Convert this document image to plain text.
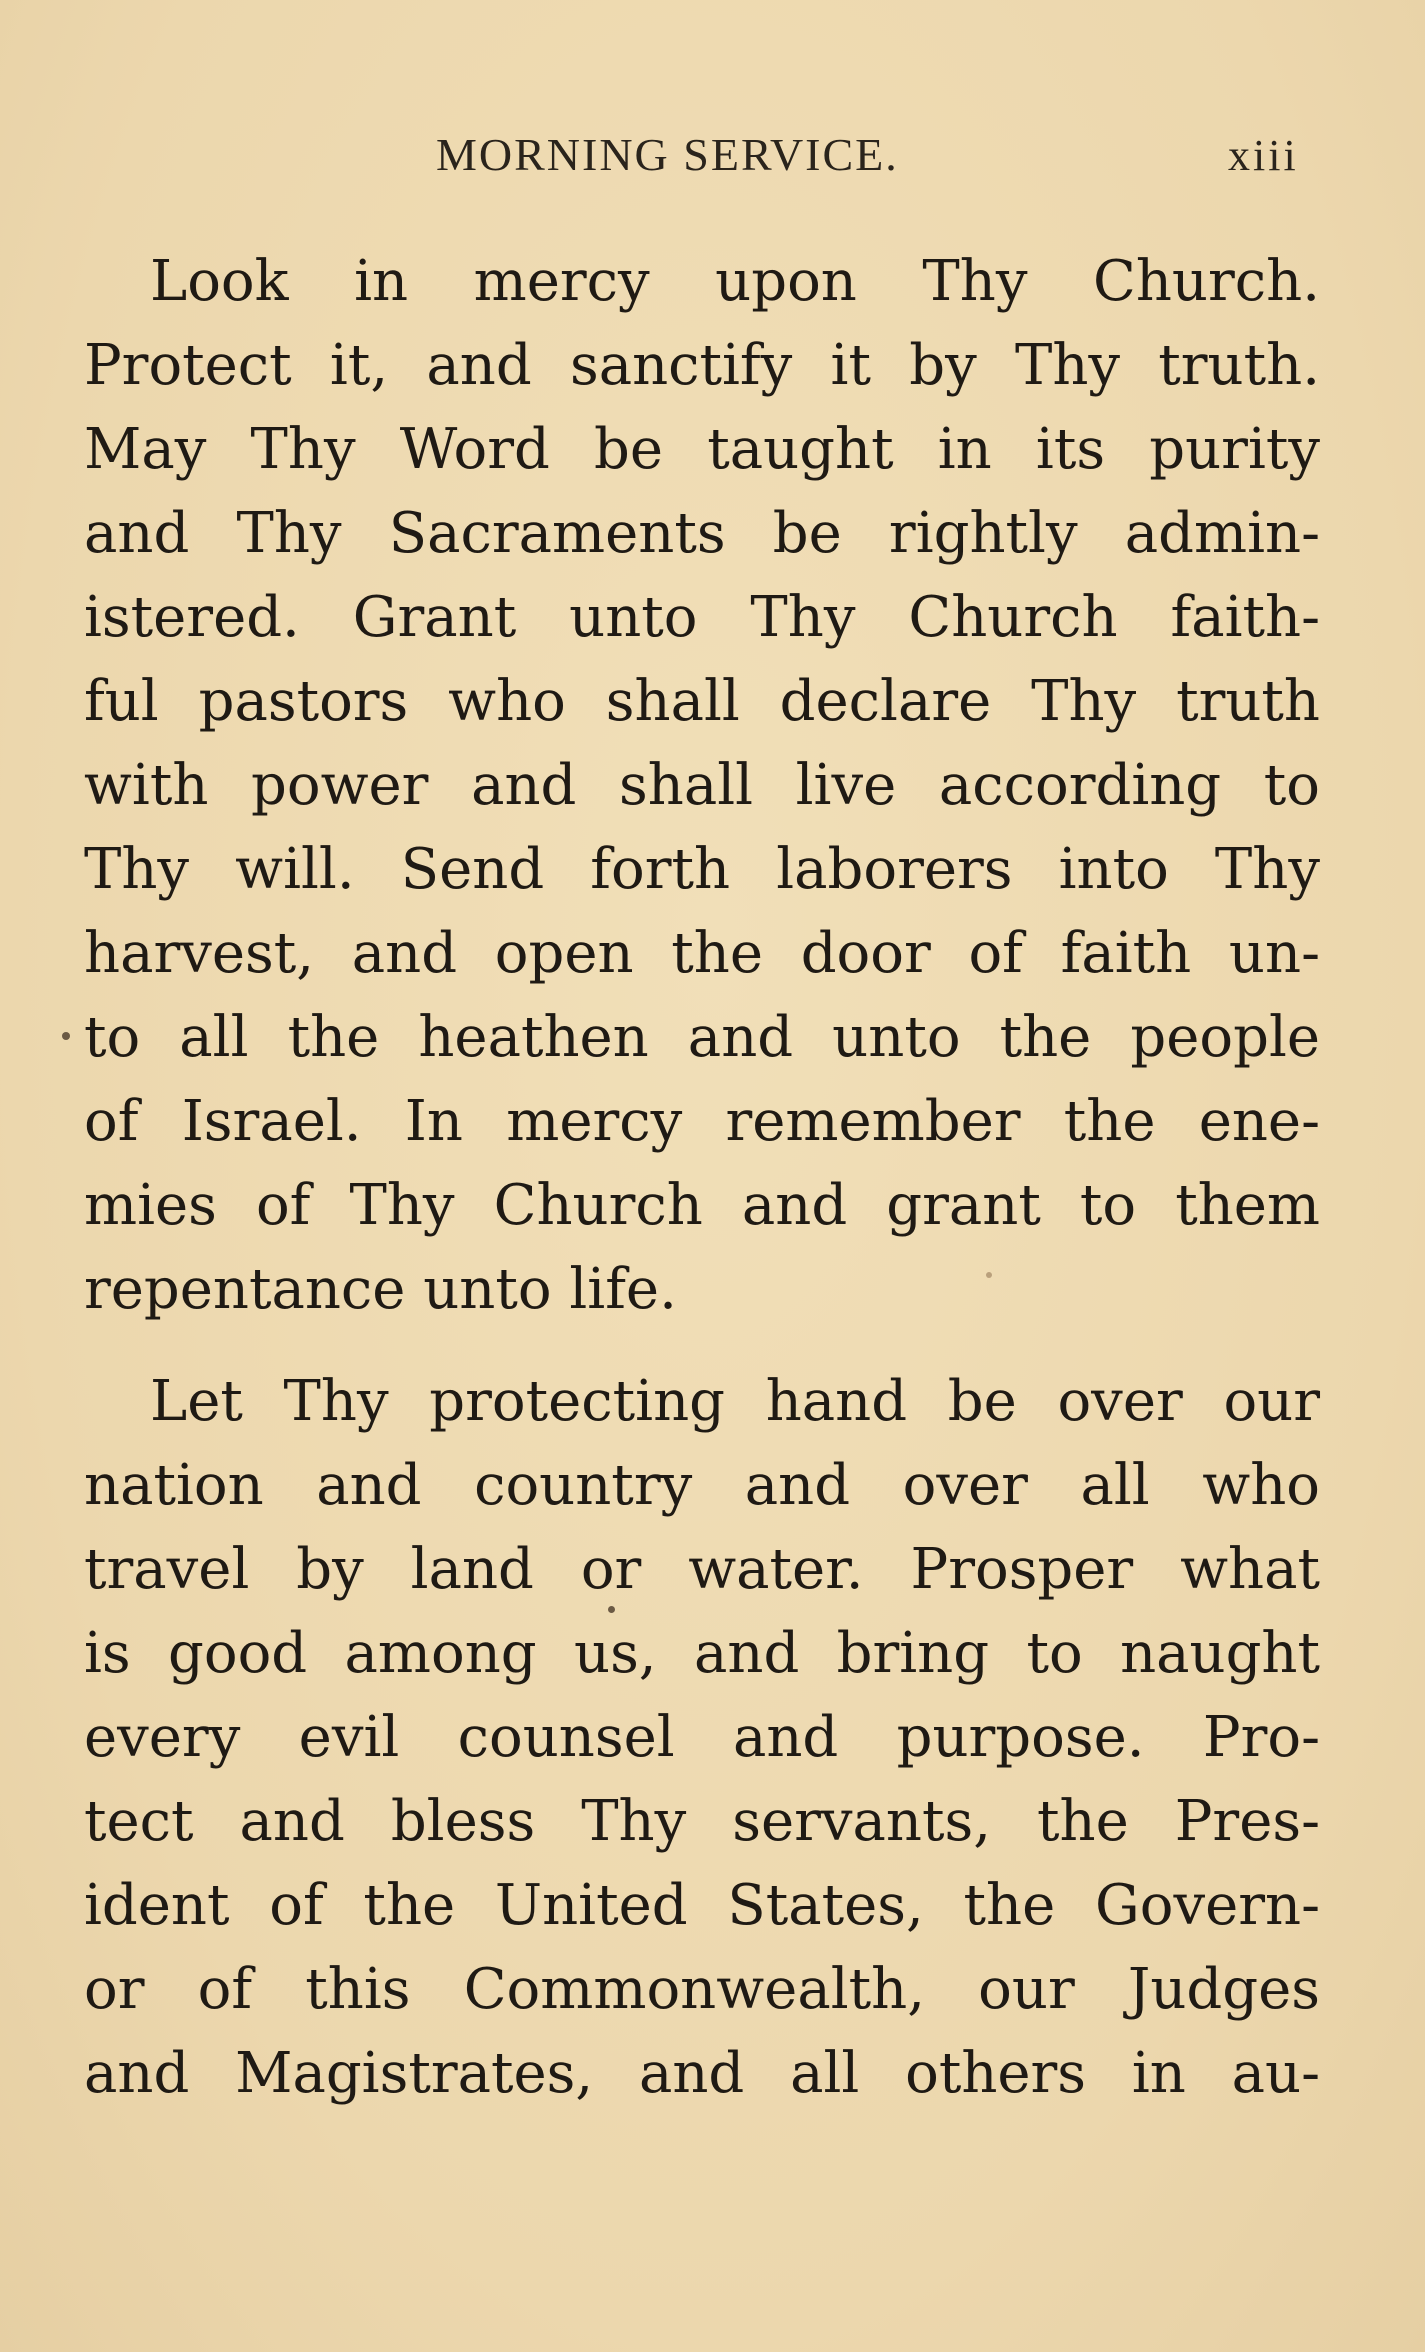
MORNING SERVICE.	xiii

Look in mercy upon Thy Church.
Protect it, and sanctify it by Thy truth.
May Thy Word be taught in its purity
and Thy Sacraments be rightly admin-
istered. Grant unto Thy Church faith-
ful pastors who shall declare Thy truth
with power and shall live according to
Thy will. Send forth laborers into Thy
harvest, and open the door of faith un-
to all the heathen and unto the people
of Israel. In mercy remember the ene-
mies of Thy Church and grant to them
repentance unto life.

Let Thy protecting hand be over our
nation and country and over all who
travel by land or water. Prosper what
is good among us, and bring to naught
every evil counsel and purpose. Pro-
tect and bless Thy servants, the Pres-
ident of the United States, the Govern-
or of this Commonwealth, our Judges
and Magistrates, and all others in au-
